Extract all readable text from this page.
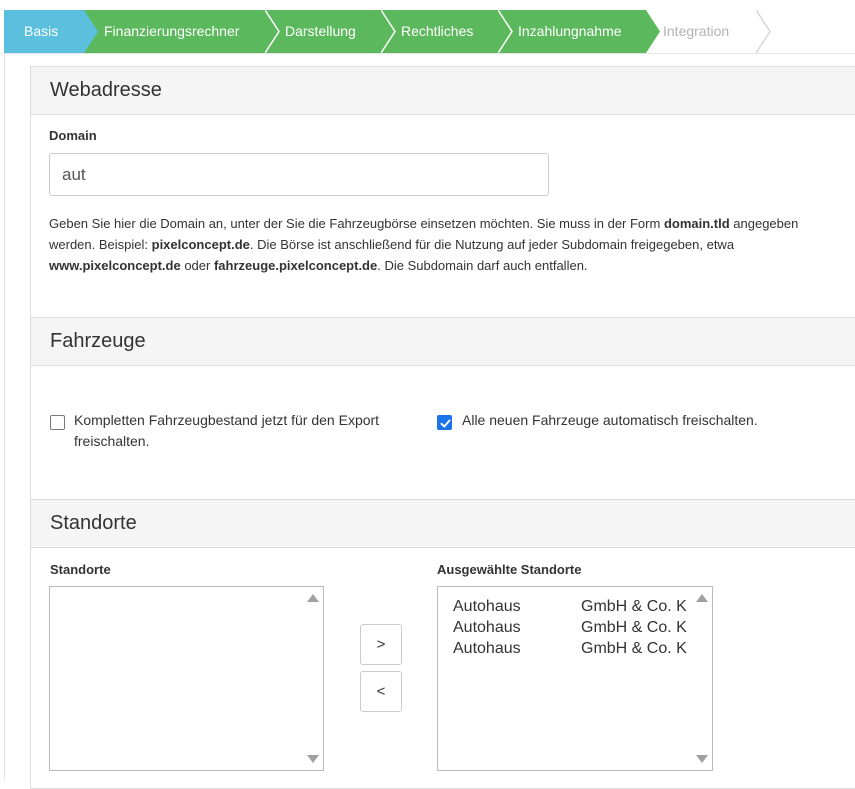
Basis	Finanzierungsrechner	Darstellung	Rechtliches	Inzahlungnahme	Integration
Webadresse
Domain
aut
Geben Sie hier die Domain an, unter der Sie die Fahrzeugbörse einsetzen möchten. Sie muss in der Form domain.tld angegeben werden. Beispiel: pixelconcept.de. Die Börse ist anschließend für die Nutzung auf jeder Subdomain freigegeben, etwa www.pixelconcept.de oder fahrzeuge.pixelconcept.de. Die Subdomain darf auch entfallen.
Fahrzeuge
Kompletten Fahrzeugbestand jetzt für den Export freischalten.
Alle neuen Fahrzeuge automatisch freischalten.
Standorte
Standorte
>
<
Ausgewählte Standorte
Autohaus	GmbH & Co. K
Autohaus	GmbH & Co. K
Autohaus	GmbH & Co. K
